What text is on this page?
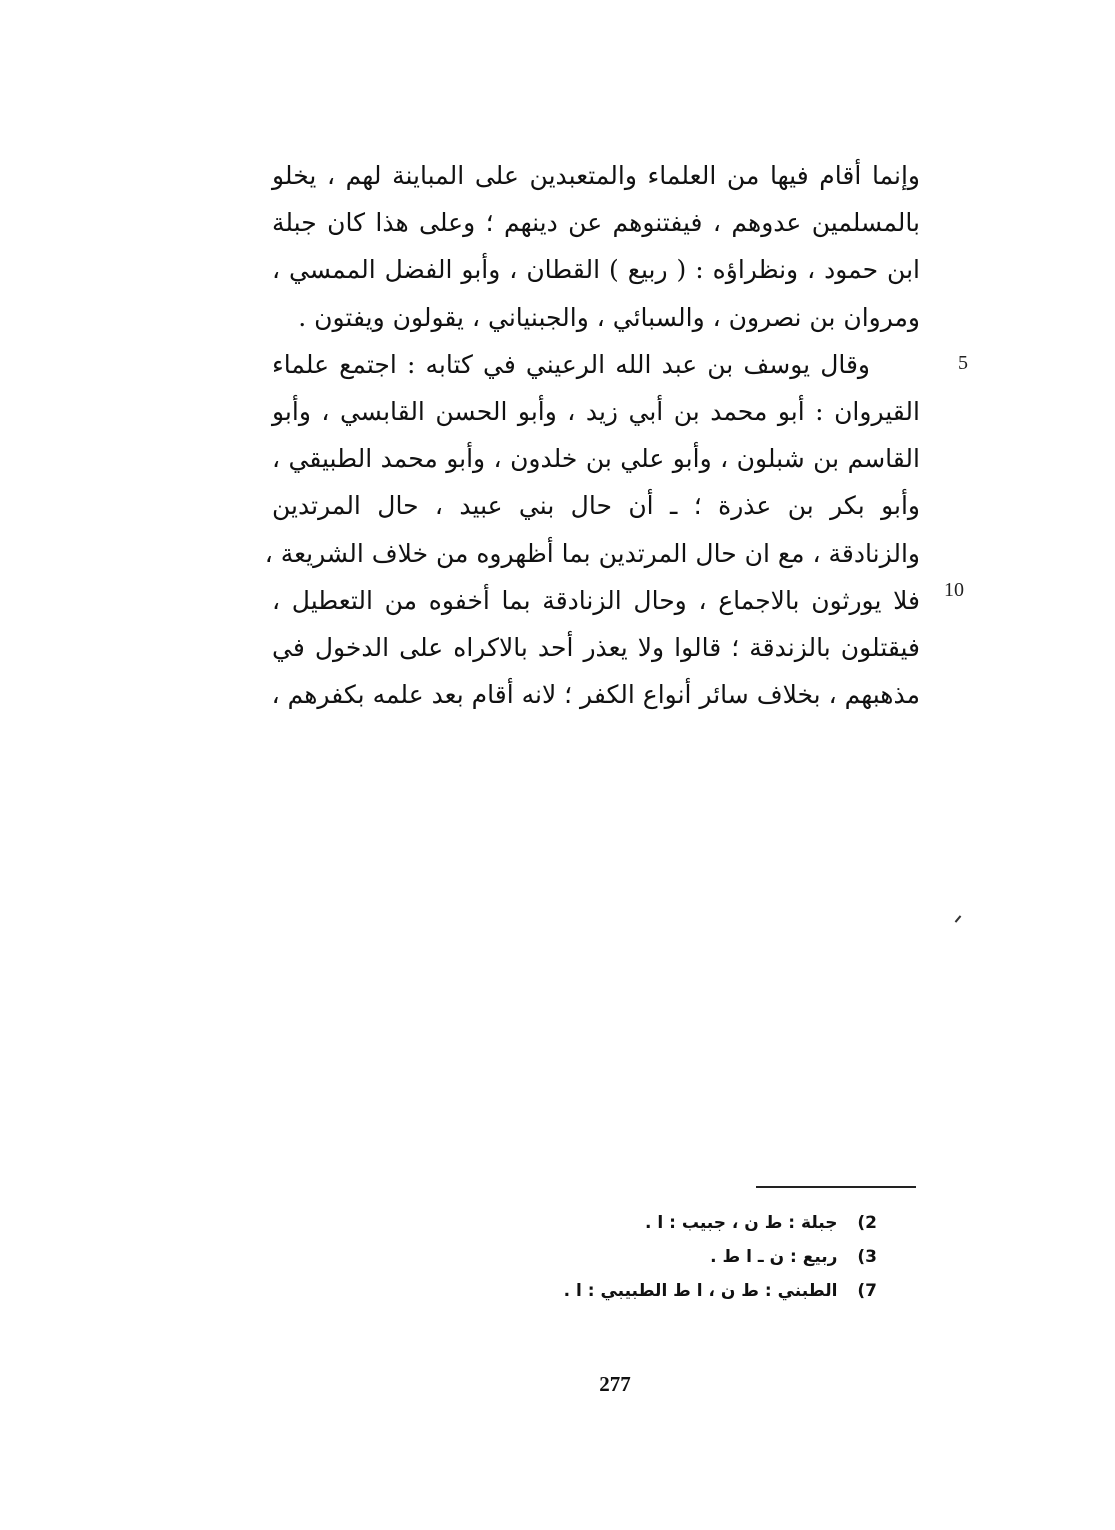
وإنما أقام فيها من العلماء والمتعبدين على المباينة لهم ، يخلو
بالمسلمين عدوهم ، فيفتنوهم عن دينهم ؛ وعلى هذا كان جبلة
ابن حمود ، ونظراؤه : ( ربيع ) القطان ، وأبو الفضل الممسي ،
ومروان بن نصرون ، والسبائي ، والجبنياني ، يقولون ويفتون .
وقال يوسف بن عبد الله الرعيني في كتابه : اجتمع علماء
القيروان : أبو محمد بن أبي زيد ، وأبو الحسن القابسي ، وأبو
القاسم بن شبلون ، وأبو علي بن خلدون ، وأبو محمد الطبيقي ،
وأبو بكر بن عذرة ؛ ـ أن حال بني عبيد ، حال المرتدين
والزنادقة ، مع ان حال المرتدين بما أظهروه من خلاف الشريعة ،
فلا يورثون بالاجماع ، وحال الزنادقة بما أخفوه من التعطيل ،
فيقتلون بالزندقة ؛ قالوا ولا يعذر أحد بالاكراه على الدخول في
مذهبهم ، بخلاف سائر أنواع الكفر ؛ لانه أقام بعد علمه بكفرهم ،
5
10
2) جبلة : ط ن ، جبيب : ا .
3) ربيع : ن ـ ا ط .
7) الطبني : ط ن ، ا ط الطبيبي : ا .
277
